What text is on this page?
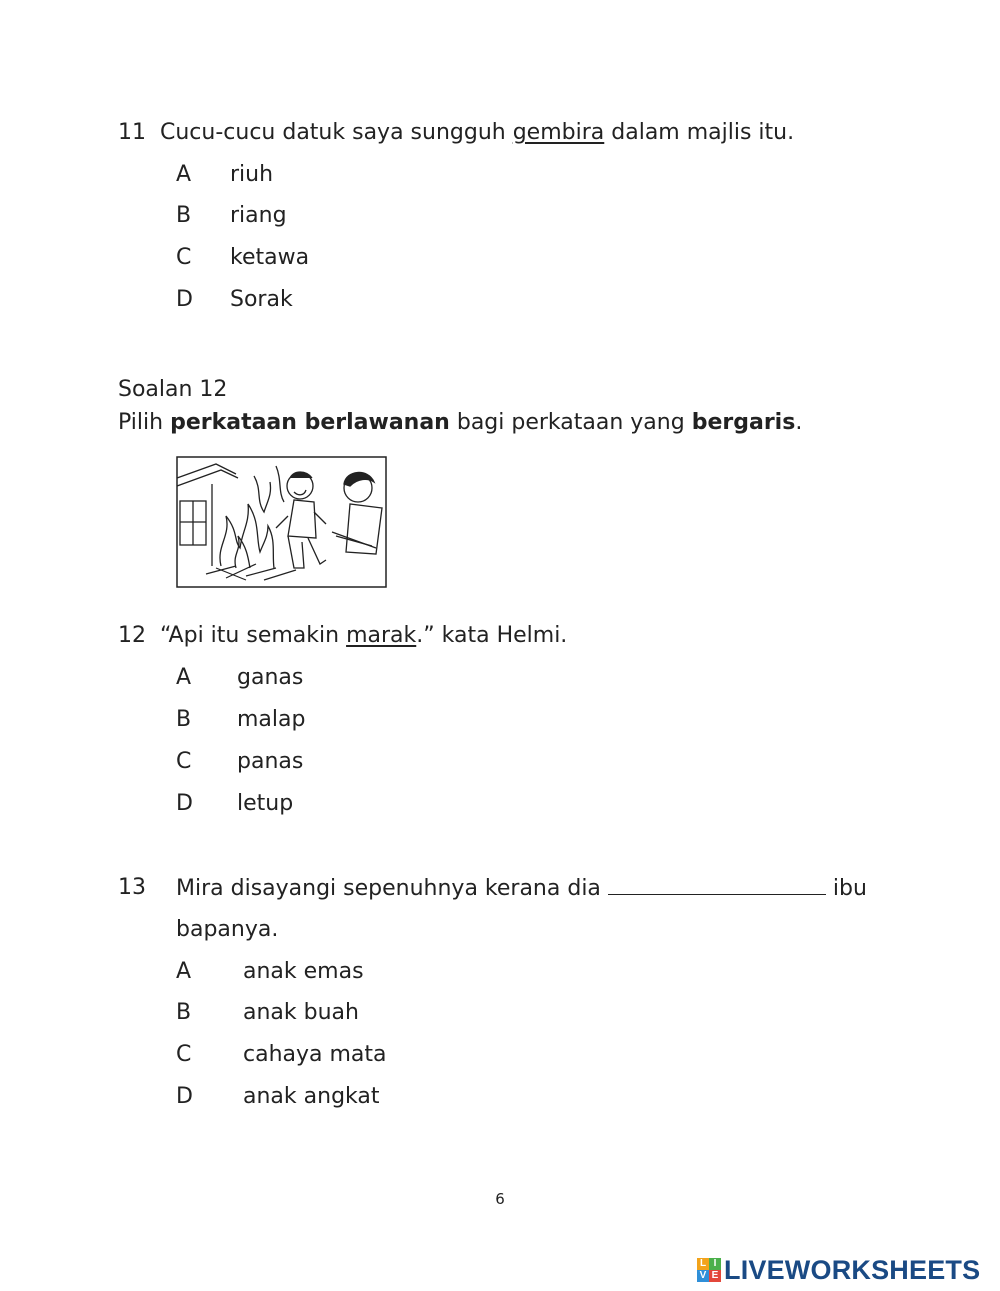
11 Cucu-cucu datuk saya sungguh gembira dalam majlis itu.
A riuh
B riang
C ketawa
D Sorak
Soalan 12
Pilih perkataan berlawanan bagi perkataan yang bergaris.
12 “Api itu semakin marak.” kata Helmi.
A ganas
B malap
C panas
D letup
13 Mira disayangi sepenuhnya kerana dia	ibu
bapanya.
A anak emas
B anak buah
C cahaya mata
D anak angkat
6
L I
V E LIVEWORKSHEETS
